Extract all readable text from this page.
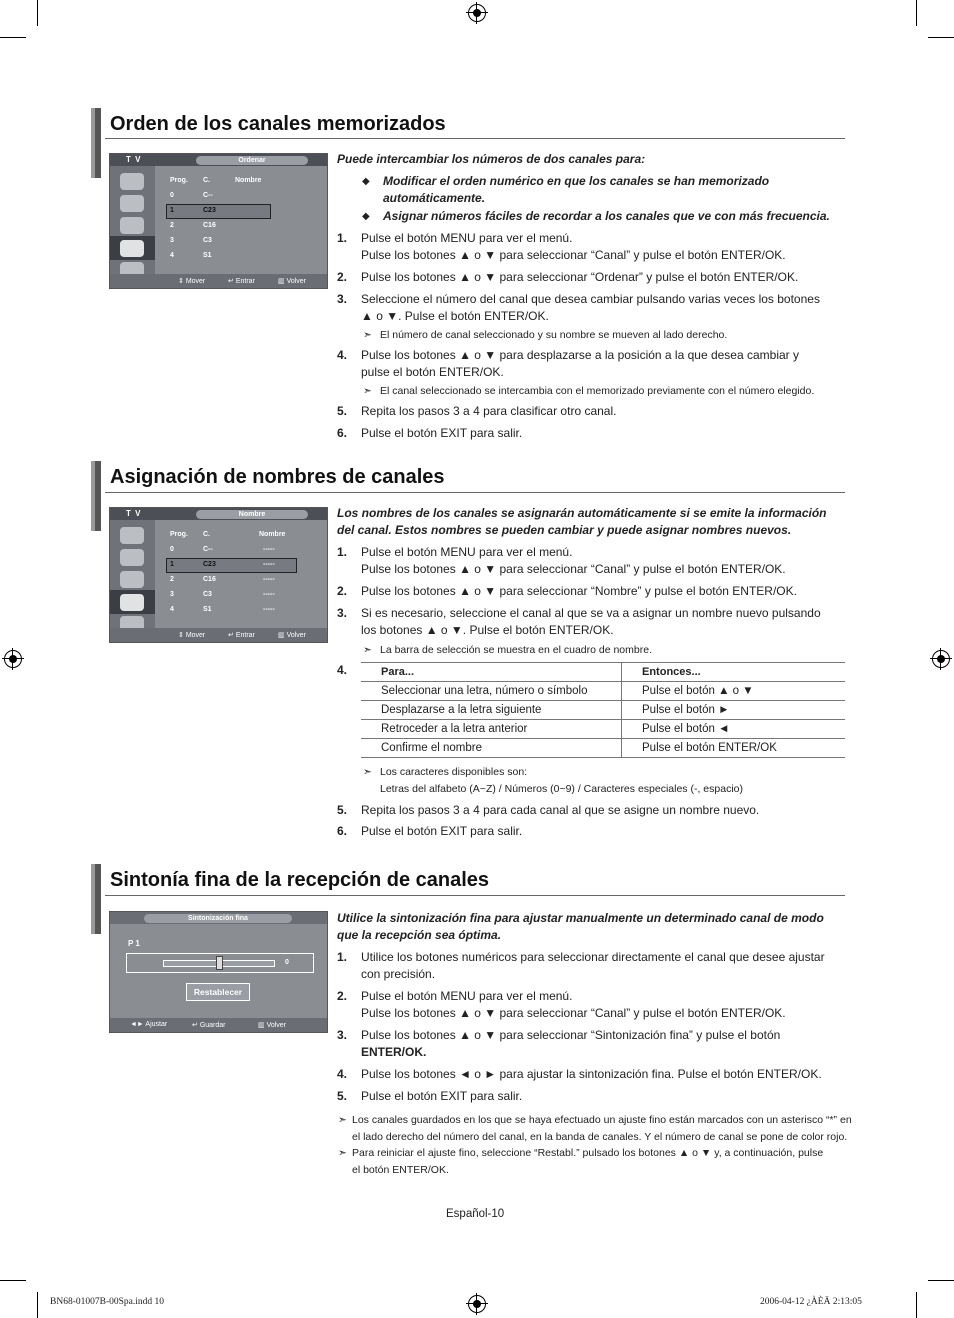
Orden de los canales memorizados
T V	Ordenar
Prog. C.	Nombre
0	C--
1	C23
2	C16
3	C3
4	S1
⇕ Mover	↵ Entrar	▥ Volver
Puede intercambiar los números de dos canales para:
◆ Modificar el orden numérico en que los canales se han memorizado
automáticamente.
◆ Asignar números fáciles de recordar a los canales que ve con más frecuencia.
1. Pulse el botón MENU para ver el menú.
Pulse los botones ▲ o ▼ para seleccionar “Canal” y pulse el botón ENTER/OK.
2. Pulse los botones ▲ o ▼ para seleccionar “Ordenar” y pulse el botón ENTER/OK.
3. Seleccione el número del canal que desea cambiar pulsando varias veces los botones
▲ o ▼. Pulse el botón ENTER/OK.
➣ El número de canal seleccionado y su nombre se mueven al lado derecho.
4. Pulse los botones ▲ o ▼ para desplazarse a la posición a la que desea cambiar y
pulse el botón ENTER/OK.
➣ El canal seleccionado se intercambia con el memorizado previamente con el número elegido.
5. Repita los pasos 3 a 4 para clasificar otro canal.
6. Pulse el botón EXIT para salir.
Asignación de nombres de canales
T V	Nombre
Prog. C.	Nombre
0	C--	-----
1	C23	-----
2	C16	-----
3	C3	-----
4	S1	-----
⇕ Mover	↵ Entrar	▥ Volver
Los nombres de los canales se asignarán automáticamente si se emite la información
del canal. Estos nombres se pueden cambiar y puede asignar nombres nuevos.
1. Pulse el botón MENU para ver el menú.
Pulse los botones ▲ o ▼ para seleccionar “Canal” y pulse el botón ENTER/OK.
2. Pulse los botones ▲ o ▼ para seleccionar “Nombre” y pulse el botón ENTER/OK.
3. Si es necesario, seleccione el canal al que se va a asignar un nombre nuevo pulsando
los botones ▲ o ▼. Pulse el botón ENTER/OK.
➣ La barra de selección se muestra en el cuadro de nombre.
4.	Para...	Entonces...
Seleccionar una letra, número o símbolo	Pulse el botón ▲ o ▼
Desplazarse a la letra siguiente	Pulse el botón ►
Retroceder a la letra anterior	Pulse el botón ◄
Confirme el nombre	Pulse el botón ENTER/OK
➣ Los caracteres disponibles son:
Letras del alfabeto (A~Z) / Números (0~9) / Caracteres especiales (-, espacio)
5. Repita los pasos 3 a 4 para cada canal al que se asigne un nombre nuevo.
6. Pulse el botón EXIT para salir.
Sintonía fina de la recepción de canales
Sintonización fina
P 1
0
Restablecer
◄► Ajustar	↵ Guardar	▥ Volver
Utilice la sintonización fina para ajustar manualmente un determinado canal de modo
que la recepción sea óptima.
1. Utilice los botones numéricos para seleccionar directamente el canal que desee ajustar
con precisión.
2. Pulse el botón MENU para ver el menú.
Pulse los botones ▲ o ▼ para seleccionar “Canal” y pulse el botón ENTER/OK.
3. Pulse los botones ▲ o ▼ para seleccionar “Sintonización fina” y pulse el botón
ENTER/OK.
4. Pulse los botones ◄ o ► para ajustar la sintonización fina. Pulse el botón ENTER/OK.
5. Pulse el botón EXIT para salir.
➣ Los canales guardados en los que se haya efectuado un ajuste fino están marcados con un asterisco “*” en
el lado derecho del número del canal, en la banda de canales. Y el número de canal se pone de color rojo.
➣ Para reiniciar el ajuste fino, seleccione “Restabl.” pulsado los botones ▲ o ▼ y, a continuación, pulse
el botón ENTER/OK.
Español-10
BN68-01007B-00Spa.indd 10	2006-04-12 ¿ÀÈÄ 2:13:05
